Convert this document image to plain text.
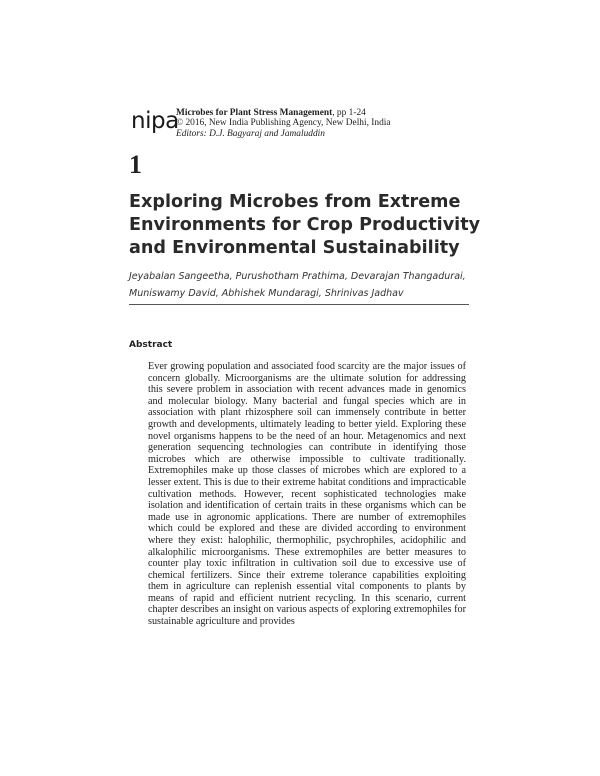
nipa
Microbes for Plant Stress Management, pp 1-24
© 2016, New India Publishing Agency, New Delhi, India
Editors: D.J. Bagyaraj and Jamaluddin
1
Exploring Microbes from Extreme Environments for Crop Productivity and Environmental Sustainability
Jeyabalan Sangeetha, Purushotham Prathima, Devarajan Thangadurai, Muniswamy David, Abhishek Mundaragi, Shrinivas Jadhav
Abstract

Ever growing population and associated food scarcity are the major issues of concern globally. Microorganisms are the ultimate solution for addressing this severe problem in association with recent advances made in genomics and molecular biology. Many bacterial and fungal species which are in association with plant rhizosphere soil can immensely contribute in better growth and developments, ultimately leading to better yield. Exploring these novel organisms happens to be the need of an hour. Metagenomics and next generation sequencing technologies can contribute in identifying those microbes which are otherwise impossible to cultivate traditionally. Extremophiles make up those classes of microbes which are explored to a lesser extent. This is due to their extreme habitat conditions and impracticable cultivation methods. However, recent sophisticated technologies make isolation and identification of certain traits in these organisms which can be made use in agronomic applications. There are number of extremophiles which could be explored and these are divided according to environment where they exist: halophilic, thermophilic, psychrophiles, acidophilic and alkalophilic microorganisms. These extremophiles are better measures to counter play toxic infiltration in cultivation soil due to excessive use of chemical fertilizers. Since their extreme tolerance capabilities exploiting them in agriculture can replenish essential vital components to plants by means of rapid and efficient nutrient recycling. In this scenario, current chapter describes an insight on various aspects of exploring extremophiles for sustainable agriculture and provides
